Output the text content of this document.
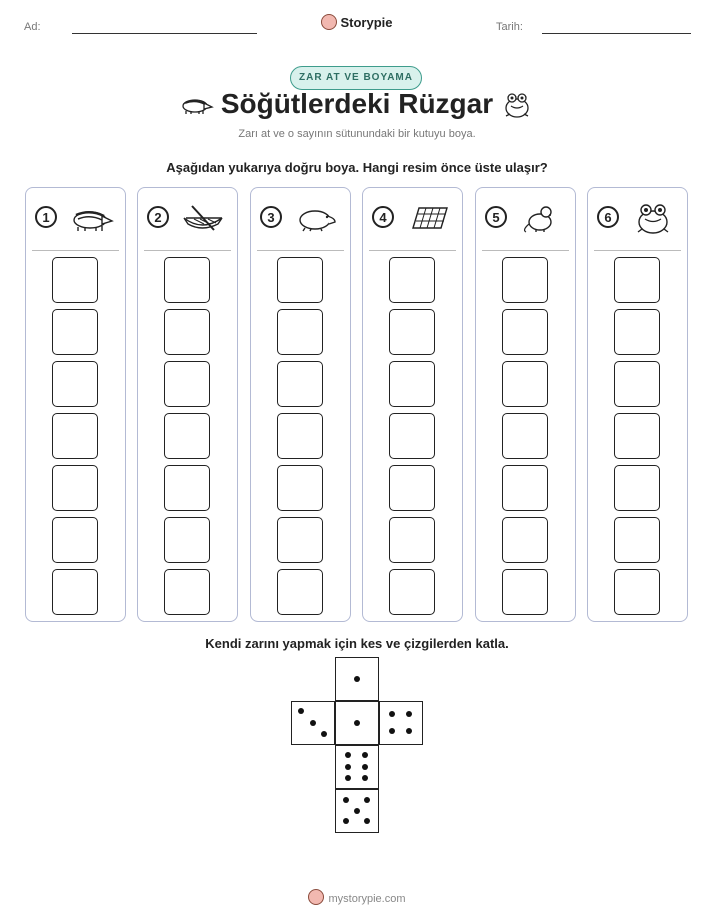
Ad:	Storypie	Tarih:
ZAR AT VE BOYAMA
Söğütlerdeki Rüzgar
Zarı at ve o sayının sütunundaki bir kutuyu boya.
Aşağıdan yukarıya doğru boya. Hangi resim önce üste ulaşır?
1	2	3	4	5	6
Kendi zarını yapmak için kes ve çizgilerden katla.
mystorypie.com
